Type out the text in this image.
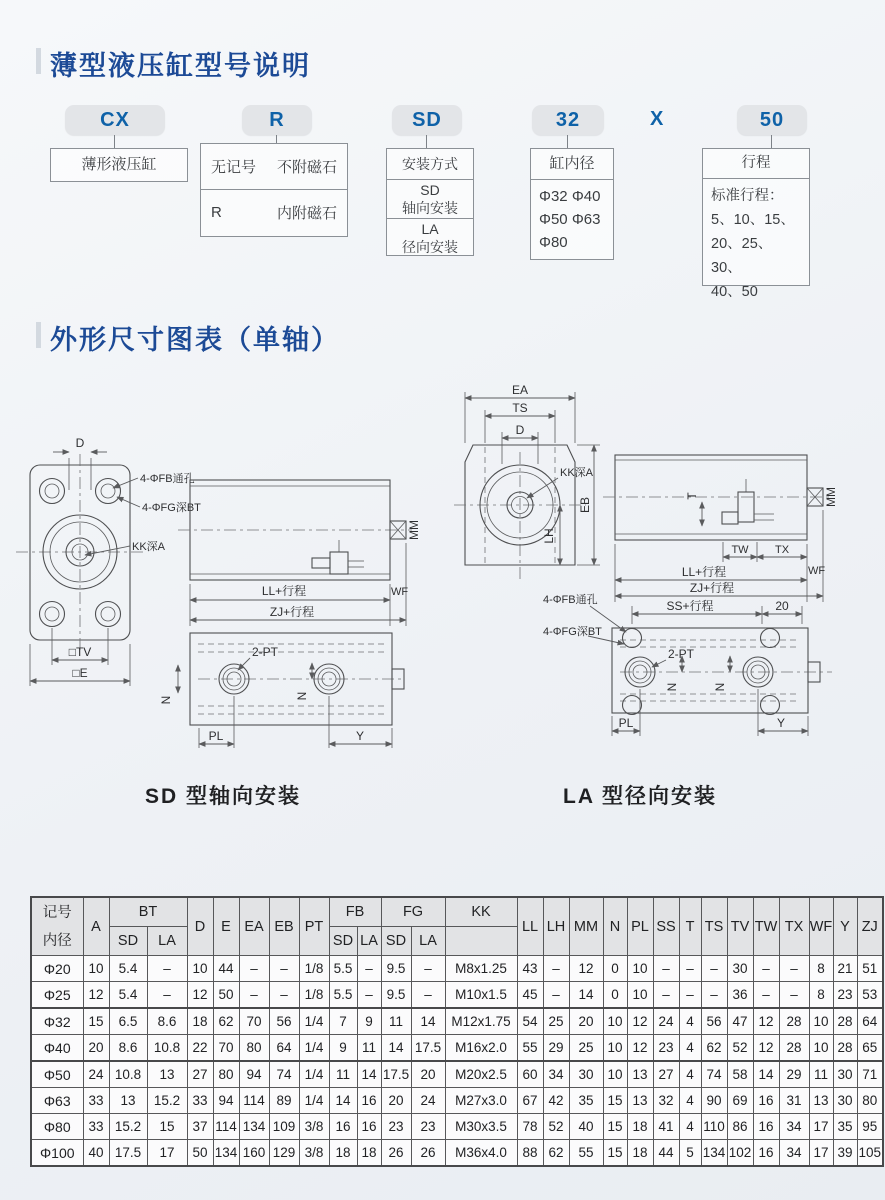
薄型液压缸型号说明
CX
薄形液压缸
R
无记号 不附磁石
R	内附磁石
SD
安装方式
SD
轴向安装
LA
径向安装
32
缸内径
Φ32 Φ40
Φ50 Φ63
Φ80
X	50
行程
标准行程：
5、10、15、
20、25、30、
40、50
外形尺寸图表（单轴）
D
4-ΦFB通孔
4-ΦFG深BT
KK深A
□TV
□E
MM
LL+行程	WF
ZJ+行程
2-PT
N	N
PL	Y
EA
TS
D
KK深A
EB
LH
MM
T
TW TX
LL+行程	WF
ZJ+行程
SS+行程	20
4-ΦFB通孔
4-ΦFG深BT
2-PT
N	N
PL	Y
SD 型轴向安装	LA 型径向安装
记号
内径	A	BT		D	E	EA	EB	PT	FB		FG		KK	LL	LH	MM	N	PL	SS	T	TS	TV	TW	TX	WF	Y	ZJ
		SD	LA						SD	LA	SD	LA															
Φ20	10	5.4	–	10	44	–	–	1/8	5.5	–	9.5	–	M8x1.25	43	–	12	0	10	–	–	–	30	–	–	8	21	51
Φ25	12	5.4	–	12	50	–	–	1/8	5.5	–	9.5	–	M10x1.5	45	–	14	0	10	–	–	–	36	–	–	8	23	53
Φ32	15	6.5	8.6	18	62	70	56	1/4	7	9	11	14	M12x1.75	54	25	20	10	12	24	4	56	47	12	28	10	28	64
Φ40	20	8.6	10.8	22	70	80	64	1/4	9	11	14	17.5	M16x2.0	55	29	25	10	12	23	4	62	52	12	28	10	28	65
Φ50	24	10.8	13	27	80	94	74	1/4	11	14	17.5	20	M20x2.5	60	34	30	10	13	27	4	74	58	14	29	11	30	71
Φ63	33	13	15.2	33	94	114	89	1/4	14	16	20	24	M27x3.0	67	42	35	15	13	32	4	90	69	16	31	13	30	80
Φ80	33	15.2	15	37	114	134	109	3/8	16	16	23	23	M30x3.5	78	52	40	15	18	41	4	110	86	16	34	17	35	95
Φ100	40	17.5	17	50	134	160	129	3/8	18	18	26	26	M36x4.0	88	62	55	15	18	44	5	134	102	16	34	17	39	105
